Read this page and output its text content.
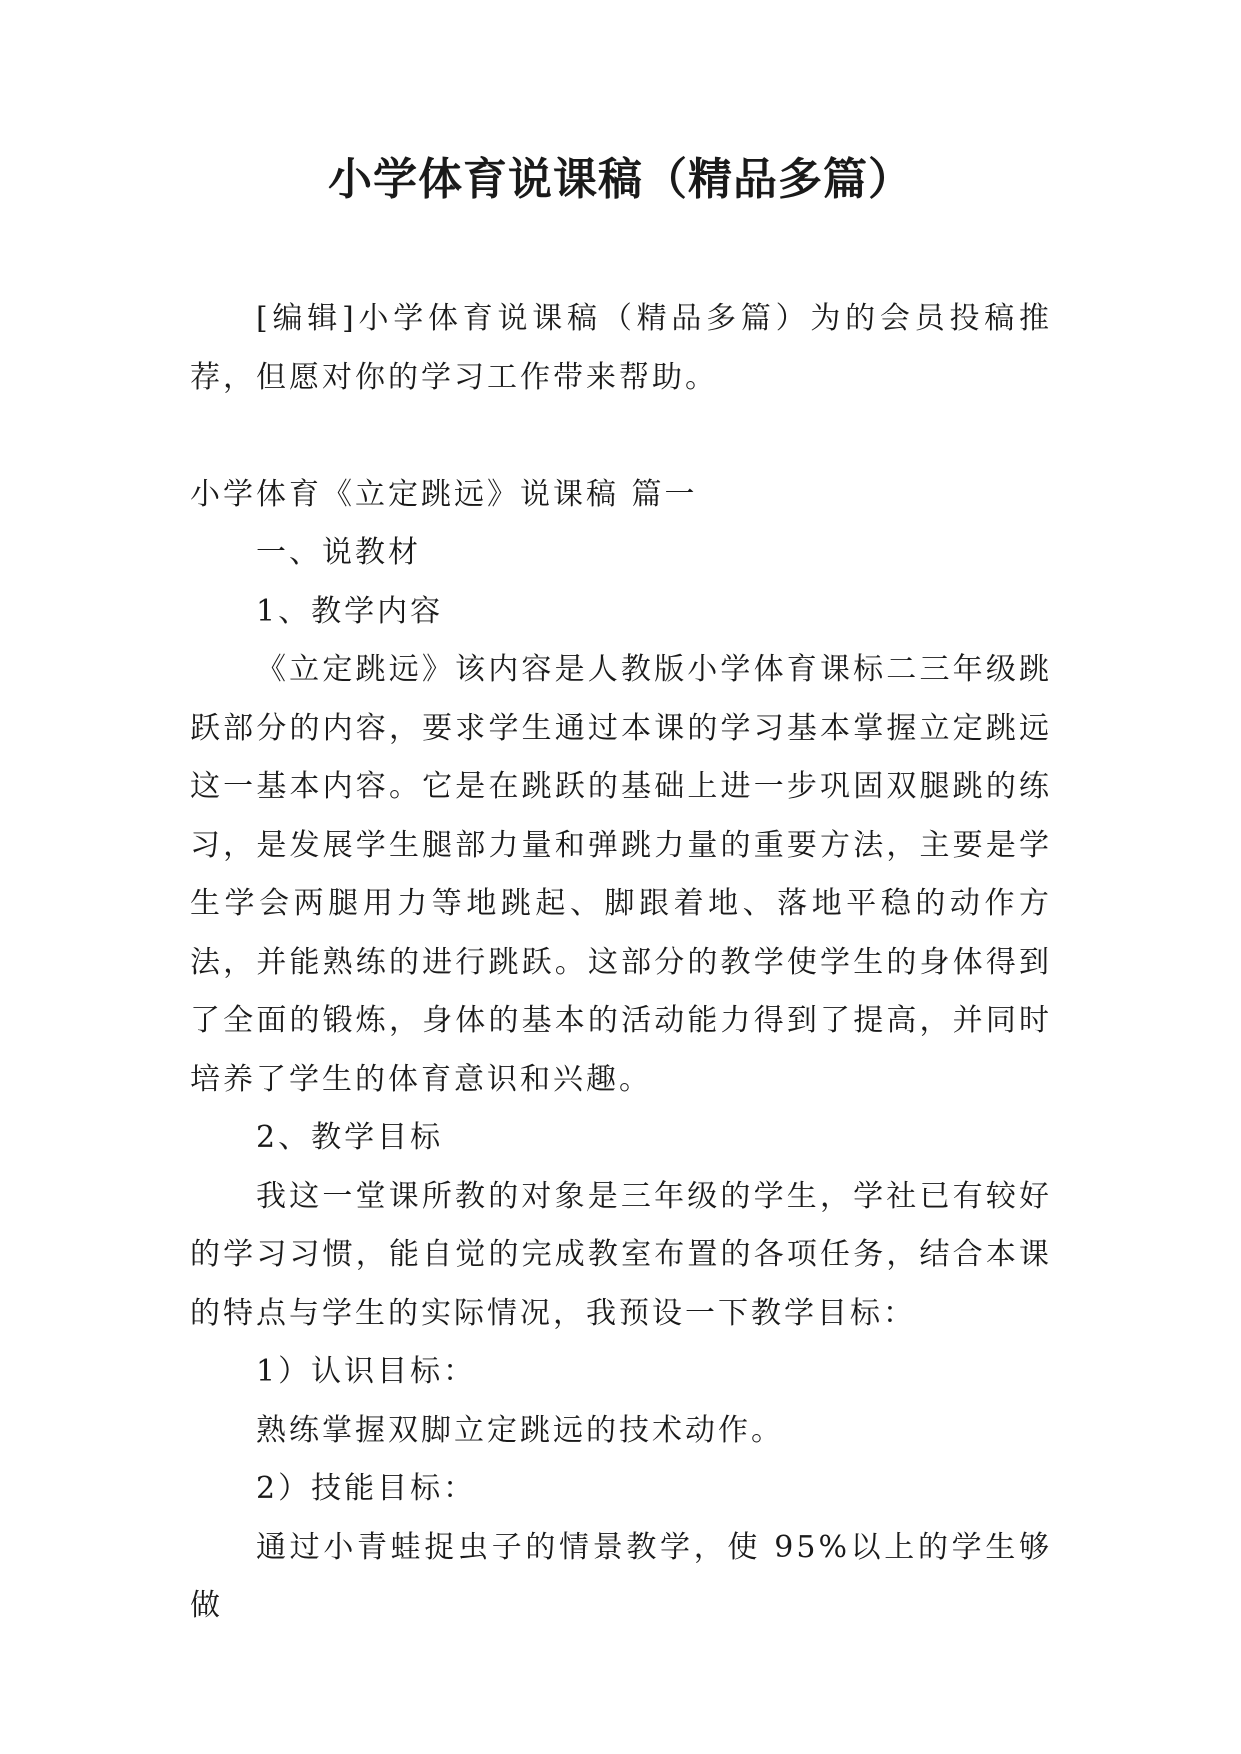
小学体育说课稿（精品多篇）

[编辑]小学体育说课稿（精品多篇）为的会员投稿推荐，但愿对你的学习工作带来帮助。

小学体育《立定跳远》说课稿 篇一

一、说教材

1、教学内容

《立定跳远》该内容是人教版小学体育课标二三年级跳跃部分的内容，要求学生通过本课的学习基本掌握立定跳远这一基本内容。它是在跳跃的基础上进一步巩固双腿跳的练习，是发展学生腿部力量和弹跳力量的重要方法，主要是学生学会两腿用力等地跳起、脚跟着地、落地平稳的动作方法，并能熟练的进行跳跃。这部分的教学使学生的身体得到了全面的锻炼，身体的基本的活动能力得到了提高，并同时培养了学生的体育意识和兴趣。

2、教学目标

我这一堂课所教的对象是三年级的学生，学社已有较好的学习习惯，能自觉的完成教室布置的各项任务，结合本课的特点与学生的实际情况，我预设一下教学目标：

1）认识目标：

熟练掌握双脚立定跳远的技术动作。

2）技能目标：

通过小青蛙捉虫子的情景教学，使 95%以上的学生够做
